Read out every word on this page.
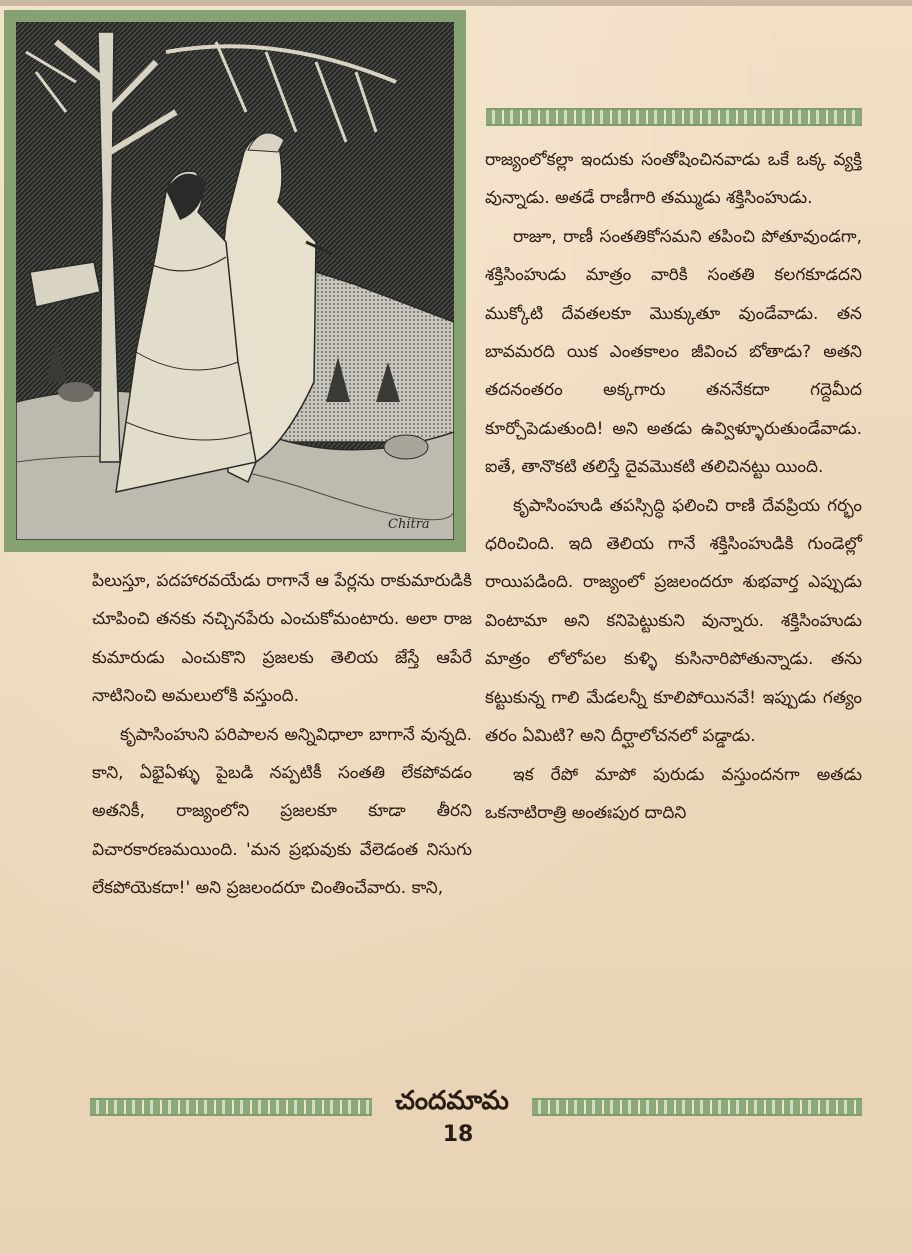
Chitra

రాజ్యంలోకల్లా ఇందుకు సంతోషించినవాడు ఒకే ఒక్క వ్యక్తి వున్నాడు. అతడే రాణీగారి తమ్ముడు శక్తిసింహుడు.

రాజూ, రాణీ సంతతికోసమని తపించి పోతూవుండగా, శక్తిసింహుడు మాత్రం వారికి సంతతి కలగకూడదని ముక్కోటి దేవతలకూ మొక్కుతూ వుండేవాడు. తన బావమరది యిక ఎంతకాలం జీవించ బోతాడు? అతని తదనంతరం అక్కగారు తననేకదా గద్దెమీద కూర్చోపెడుతుంది! అని అతడు ఉవ్విళ్ళూరుతుండేవాడు. ఐతే, తానొకటి తలిస్తే దైవమొకటి తలిచినట్టు యింది.

కృపాసింహుడి తపస్సిద్ధి ఫలించి రాణి దేవప్రియ గర్భం ధరించింది. ఇది తెలియ గానే శక్తిసింహుడికి గుండెల్లో రాయిపడింది. రాజ్యంలో ప్రజలందరూ శుభవార్త ఎప్పుడు వింటామా అని కనిపెట్టుకుని వున్నారు. శక్తిసింహుడు మాత్రం లోలోపల కుళ్ళి కుసినారిపోతున్నాడు. తను కట్టుకున్న గాలి మేడలన్నీ కూలిపోయినవే! ఇప్పుడు గత్యం తరం ఏమిటి? అని దీర్ఘాలోచనలో పడ్డాడు.

ఇక రేపో మాపో పురుడు వస్తుందనగా అతడు ఒకనాటిరాత్రి అంతఃపుర దాదిని

పిలుస్తూ, పదహారవయేడు రాగానే ఆ పేర్లను రాకుమారుడికి చూపించి తనకు నచ్చినపేరు ఎంచుకోమంటారు. అలా రాజ కుమారుడు ఎంచుకొని ప్రజలకు తెలియ జేస్తే ఆపేరే నాటినించి అమలులోకి వస్తుంది.

కృపాసింహుని పరిపాలన అన్నివిధాలా బాగానే వున్నది. కాని, ఏభైఏళ్ళు పైబడి నప్పటికీ సంతతి లేకపోవడం అతనికీ, రాజ్యంలోని ప్రజలకూ కూడా తీరని విచారకారణమయింది. 'మన ప్రభువుకు వేలెడంత నిసుగు లేకపోయెకదా!' అని ప్రజలందరూ చింతించేవారు. కాని,

చందమామ
18
